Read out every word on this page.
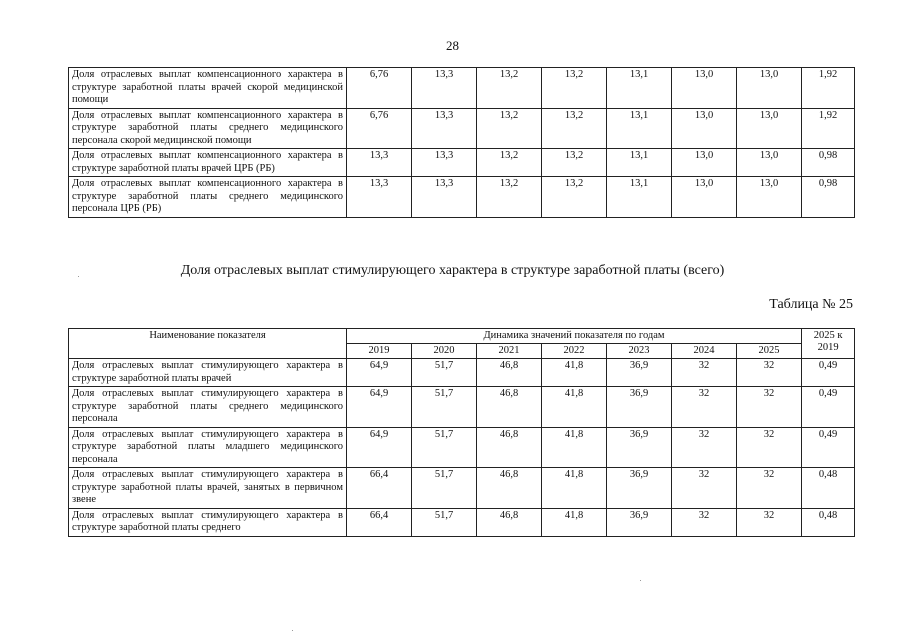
28
Доля отраслевых выплат компенсационного характера в структуре заработной платы врачей скорой медицинской помощи	6,76	13,3	13,2	13,2	13,1	13,0	13,0	1,92
Доля отраслевых выплат компенсационного характера в структуре заработной платы среднего медицинского персонала скорой медицинской помощи	6,76	13,3	13,2	13,2	13,1	13,0	13,0	1,92
Доля отраслевых выплат компенсационного характера в структуре заработной платы врачей ЦРБ (РБ)	13,3	13,3	13,2	13,2	13,1	13,0	13,0	0,98
Доля отраслевых выплат компенсационного характера в структуре заработной платы среднего медицинского персонала ЦРБ (РБ)	13,3	13,3	13,2	13,2	13,1	13,0	13,0	0,98
Доля отраслевых выплат стимулирующего характера в структуре заработной платы (всего)
Таблица № 25
Наименование показателя	Динамика значений показателя по годам							2025 к 2019
	2019	2020	2021	2022	2023	2024	2025	
Доля отраслевых выплат стимулирующего характера в структуре заработной платы врачей	64,9	51,7	46,8	41,8	36,9	32	32	0,49
Доля отраслевых выплат стимулирующего характера в структуре заработной платы среднего медицинского персонала	64,9	51,7	46,8	41,8	36,9	32	32	0,49
Доля отраслевых выплат стимулирующего характера в структуре заработной платы младшего медицинского персонала	64,9	51,7	46,8	41,8	36,9	32	32	0,49
Доля отраслевых выплат стимулирующего характера в структуре заработной платы врачей, занятых в первичном звене	66,4	51,7	46,8	41,8	36,9	32	32	0,48
Доля отраслевых выплат стимулирующего характера в структуре заработной платы среднего	66,4	51,7	46,8	41,8	36,9	32	32	0,48
